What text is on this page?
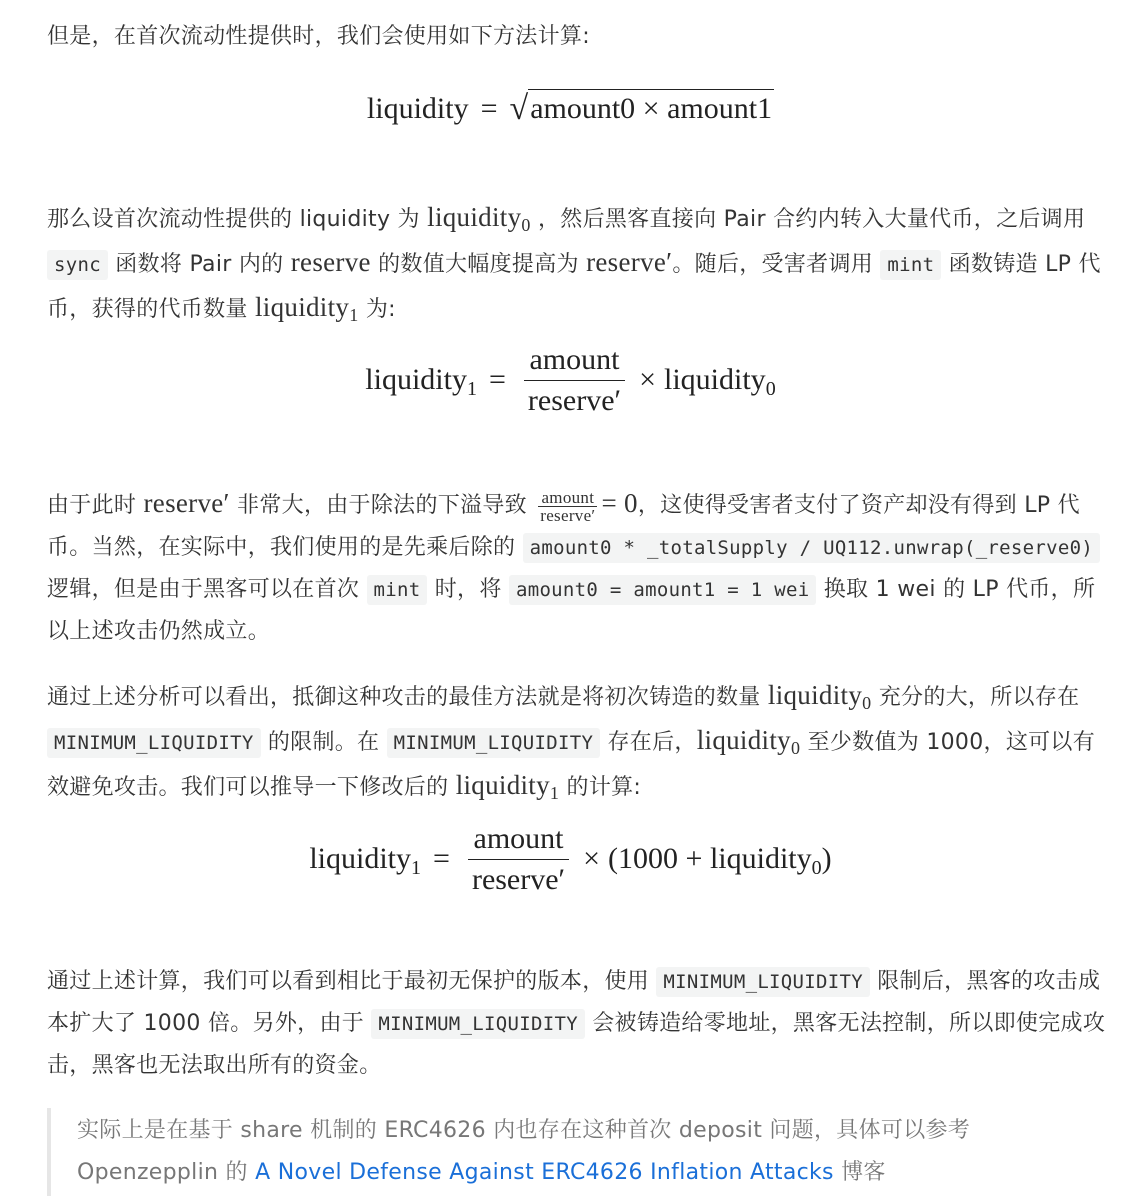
但是，在首次流动性提供时，我们会使用如下方法计算:

那么设首次流动性提供的 liquidity 为 liquidity$_0$ ，然后黑客直接向 Pair 合约内转入大量代币，之后调用 sync 函数将 Pair 内的 reserve 的数值大幅度提高为 reserve′。随后，受害者调用 mint 函数铸造 LP 代币，获得的代币数量 liquidity$_1$ 为:

由于此时 reserve′ 非常大，由于除法的下溢导致 $\frac{\text{amount}}{\text{reserve′}} = 0$，这使得受害者支付了资产却没有得到 LP 代币。当然，在实际中，我们使用的是先乘后除的 amount0 * _totalSupply / UQ112.unwrap(_reserve0) 逻辑，但是由于黑客可以在首次 mint 时，将 amount0 = amount1 = 1 wei 换取 1 wei 的 LP 代币，所以上述攻击仍然成立。

通过上述分析可以看出，抵御这种攻击的最佳方法就是将初次铸造的数量 liquidity$_0$ 充分的大，所以存在 MINIMUM_LIQUIDITY 的限制。在 MINIMUM_LIQUIDITY 存在后，liquidity$_0$ 至少数值为 1000，这可以有效避免攻击。我们可以推导一下修改后的 liquidity$_1$ 的计算:

通过上述计算，我们可以看到相比于最初无保护的版本，使用 MINIMUM_LIQUIDITY 限制后，黑客的攻击成本扩大了 1000 倍。另外，由于 MINIMUM_LIQUIDITY 会被铸造给零地址，黑客无法控制，所以即使完成攻击，黑客也无法取出所有的资金。

liquidity = √ amount0 × amount1
liquidity$_1$ = $\frac{\text{amount}}{\text{reserve′}}$ × liquidity$_0$
liquidity$_1$ = $\frac{\text{amount}}{\text{reserve′}} \times (1000$ + liquidity$_0$)

实际上是在基于 share 机制的 ERC4626 内也存在这种首次 deposit 问题，具体可以参考 Openzepplin 的 A Novel Defense Against ERC4626 Inflation Attacks 博客
